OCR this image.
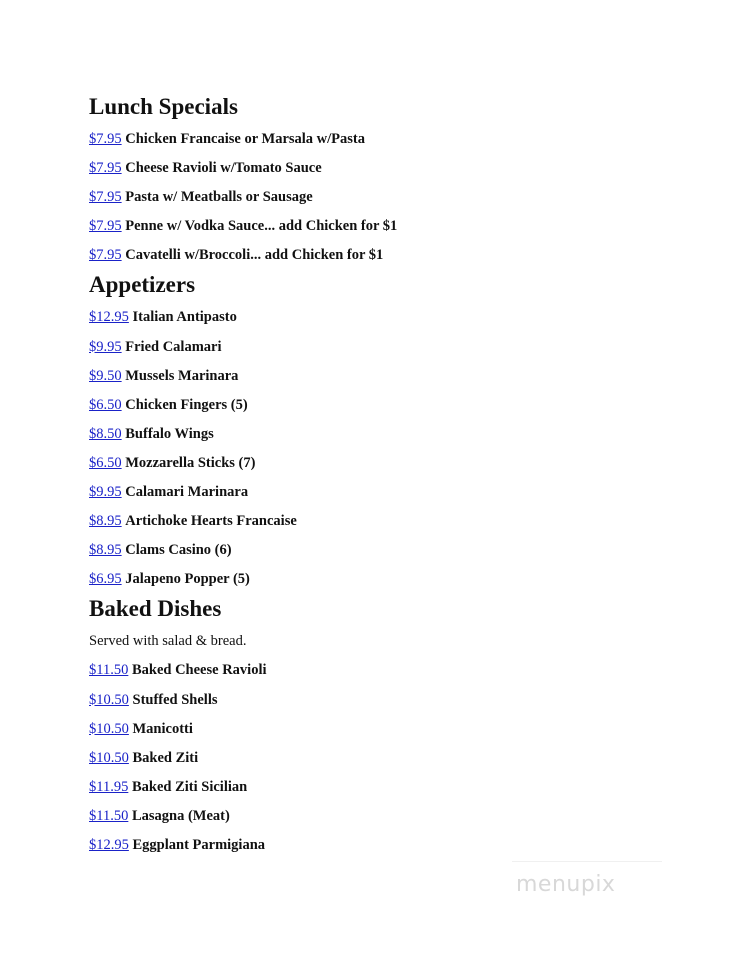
Lunch Specials
$7.95 Chicken Francaise or Marsala w/Pasta
$7.95 Cheese Ravioli w/Tomato Sauce
$7.95 Pasta w/ Meatballs or Sausage
$7.95 Penne w/ Vodka Sauce... add Chicken for $1
$7.95 Cavatelli w/Broccoli... add Chicken for $1
Appetizers
$12.95 Italian Antipasto
$9.95 Fried Calamari
$9.50 Mussels Marinara
$6.50 Chicken Fingers (5)
$8.50 Buffalo Wings
$6.50 Mozzarella Sticks (7)
$9.95 Calamari Marinara
$8.95 Artichoke Hearts Francaise
$8.95 Clams Casino (6)
$6.95 Jalapeno Popper (5)
Baked Dishes
Served with salad & bread.
$11.50 Baked Cheese Ravioli
$10.50 Stuffed Shells
$10.50 Manicotti
$10.50 Baked Ziti
$11.95 Baked Ziti Sicilian
$11.50 Lasagna (Meat)
$12.95 Eggplant Parmigiana
menupix
